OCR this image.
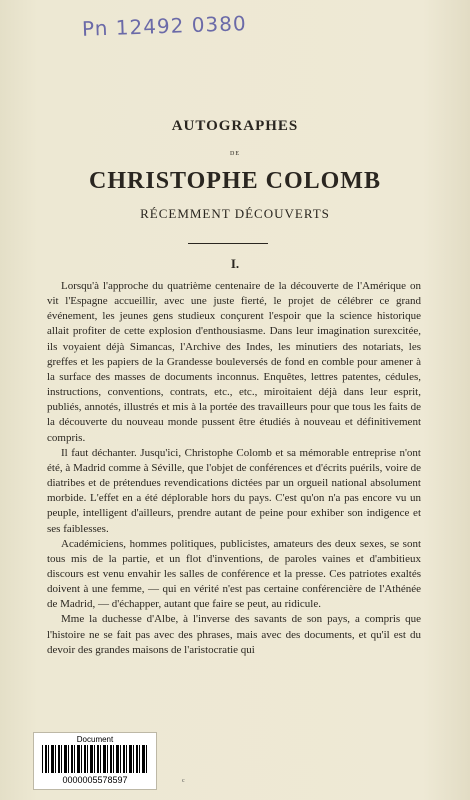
Pn 12492 0380
AUTOGRAPHES
DE
CHRISTOPHE COLOMB
RÉCEMMENT DÉCOUVERTS
I.

Lorsqu'à l'approche du quatrième centenaire de la découverte de l'Amérique on vit l'Espagne accueillir, avec une juste fierté, le projet de célébrer ce grand événement, les jeunes gens studieux conçurent l'espoir que la science historique allait profiter de cette explosion d'enthousiasme. Dans leur imagination surexcitée, ils voyaient déjà Simancas, l'Archive des Indes, les minutiers des notariats, les greffes et les papiers de la Grandesse bouleversés de fond en comble pour amener à la surface des masses de documents inconnus. Enquêtes, lettres patentes, cédules, instructions, conventions, contrats, etc., etc., miroitaient déjà dans leur esprit, publiés, annotés, illustrés et mis à la portée des travailleurs pour que tous les faits de la découverte du nouveau monde pussent être étudiés à nouveau et définitivement compris.

Il faut déchanter. Jusqu'ici, Christophe Colomb et sa mémorable entreprise n'ont été, à Madrid comme à Séville, que l'objet de conférences et d'écrits puérils, voire de diatribes et de prétendues revendications dictées par un orgueil national absolument morbide. L'effet en a été déplorable hors du pays. C'est qu'on n'a pas encore vu un peuple, intelligent d'ailleurs, prendre autant de peine pour exhiber son indigence et ses faiblesses.

Académiciens, hommes politiques, publicistes, amateurs des deux sexes, se sont tous mis de la partie, et un flot d'inventions, de paroles vaines et d'ambitieux discours est venu envahir les salles de conférence et la presse. Ces patriotes exaltés doivent à une femme, — qui en vérité n'est pas certaine conférencière de l'Athénée de Madrid, — d'échapper, autant que faire se peut, au ridicule.

Mme la duchesse d'Albe, à l'inverse des savants de son pays, a compris que l'histoire ne se fait pas avec des phrases, mais avec des documents, et qu'il est du devoir des grandes maisons de l'aristocratie qui

Document
0000005578597	c
